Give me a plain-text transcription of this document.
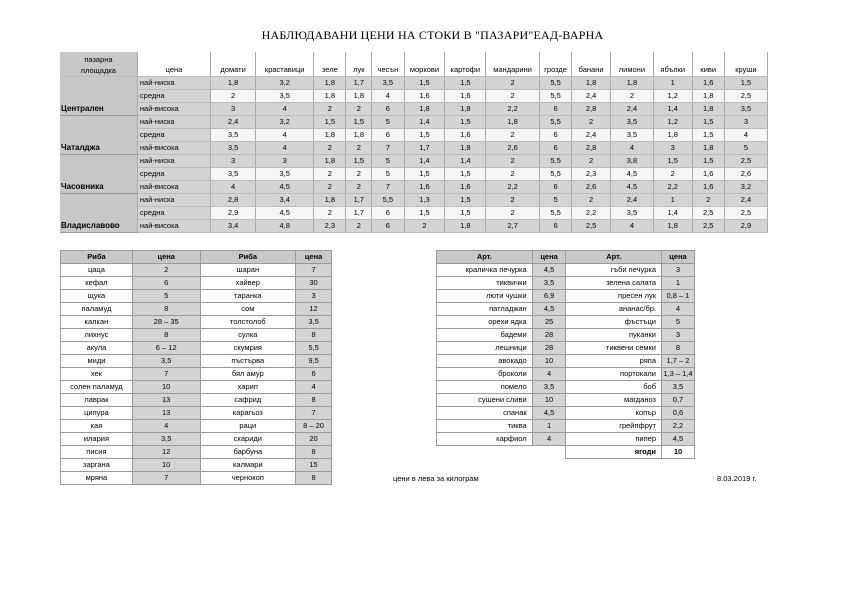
НАБЛЮДАВАНИ ЦЕНИ НА СТОКИ В "ПАЗАРИ"ЕАД-ВАРНА
пазарна
площадка	цена	домати	краставици	зеле	лук	чесън	моркови	картофи	мандарини	грозде	банани	лимони	ябълки	киви	круши
Централен	най-ниска	1,8	3,2	1,8	1,7	3,5	1,5	1,5	2	5,5	1,8	1,8	1	1,6	1,5
	средна	2	3,5	1,8	1,8	4	1,6	1,6	2	5,5	2,4	2	1,2	1,8	2,5
	най-висока	3	4	2	2	6	1,8	1,8	2,2	6	2,8	2,4	1,4	1,8	3,5
Чаталджа	най-ниска	2,4	3,2	1,5	1,5	5	1,4	1,5	1,8	5,5	2	3,5	1,2	1,5	3
	средна	3,5	4	1,8	1,8	6	1,5	1,6	2	6	2,4	3,5	1,8	1,5	4
	най-висока	3,5	4	2	2	7	1,7	1,8	2,6	6	2,8	4	3	1,8	5
Часовника	най-ниска	3	3	1,8	1,5	5	1,4	1,4	2	5,5	2	3,8	1,5	1,5	2,5
	средна	3,5	3,5	2	2	5	1,5	1,5	2	5,5	2,3	4,5	2	1,6	2,6
	най-висока	4	4,5	2	2	7	1,6	1,6	2,2	6	2,6	4,5	2,2	1,6	3,2
Владиславово	най-ниска	2,8	3,4	1,8	1,7	5,5	1,3	1,5	2	5	2	2,4	1	2	2,4
	средна	2,9	4,5	2	1,7	6	1,5	1,5	2	5,5	2,2	3,5	1,4	2,5	2,5
	най-висока	3,4	4,8	2,3	2	6	2	1,8	2,7	6	2,5	4	1,8	2,5	2,9
Риба	цена	Риба	цена
цаца	2	шаран	7
кефал	6	хайвер	30
щука	5	таранка	3
паламуд	8	сом	12
калкан	28 – 35	толстолоб	3,5
лихнус	8	сулка	8
акула	6 – 12	скумрия	5,5
миди	3,5	пъстърва	9,5
хек	7	бял амур	6
солен паламуд	10	харип	4
лаврак	13	сафрид	8
ципура	13	карагьоз	7
кая	4	раци	8 – 20
илария	3,5	скариди	20
писия	12	барбуна	8
заргана	10	калмари	15
мряна	7	чернокоп	8
Арт.	цена	Арт.	цена
краличка печурка	4,5	гъби печурка	3
тиквички	3,5	зелена салата	1
люти чушки	6,9	пресен лук	0,8 – 1
патладжан	4,5	ананас/бр.	4
орехи ядка	25	фъстъци	5
бадеми	28	пуканки	3
лешници	28	тиквени семки	8
авокадо	10	ряпа	1,7 – 2
броколи	4	портокали	1,3 – 1,4
помело	3,5	боб	3,5
сушени сливи	10	магданоз	0,7
спанак	4,5	копър	0,6
тиква	1	грейпфрут	2,2
карфиол	4	пипер	4,5
		ягоди	10
цени в лева за килограм	8.03.2019 г.
